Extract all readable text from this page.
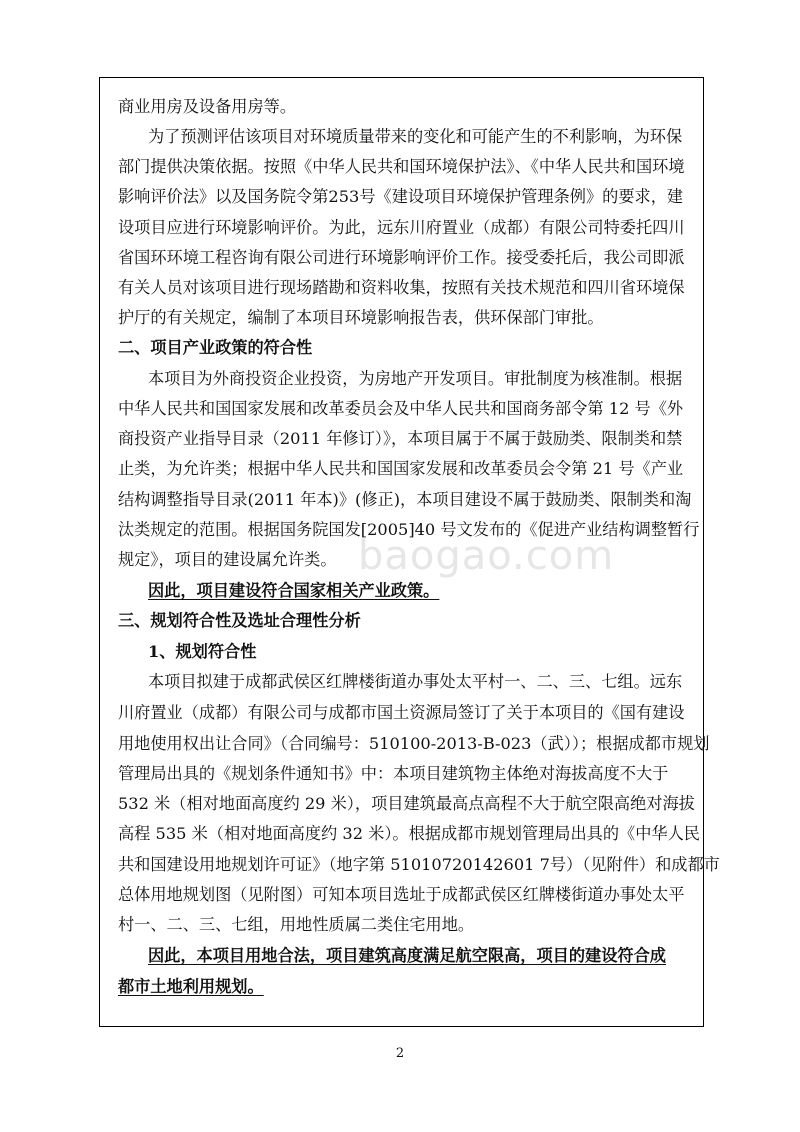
baogao.com
商业用房及设备用房等。
为了预测评估该项目对环境质量带来的变化和可能产生的不利影响，为环保
部门提供决策依据。按照《中华人民共和国环境保护法》、《中华人民共和国环境
影响评价法》以及国务院令第253号《建设项目环境保护管理条例》的要求，建
设项目应进行环境影响评价。为此，远东川府置业（成都）有限公司特委托四川
省国环环境工程咨询有限公司进行环境影响评价工作。接受委托后，我公司即派
有关人员对该项目进行现场踏勘和资料收集，按照有关技术规范和四川省环境保
护厅的有关规定，编制了本项目环境影响报告表，供环保部门审批。
二、项目产业政策的符合性
本项目为外商投资企业投资，为房地产开发项目。审批制度为核准制。根据
中华人民共和国国家发展和改革委员会及中华人民共和国商务部令第 12 号《外
商投资产业指导目录（2011 年修订）》，本项目属于不属于鼓励类、限制类和禁
止类，为允许类；根据中华人民共和国国家发展和改革委员会令第 21 号《产业
结构调整指导目录(2011 年本)》(修正)，本项目建设不属于鼓励类、限制类和淘
汰类规定的范围。根据国务院国发[2005]40 号文发布的《促进产业结构调整暂行
规定》，项目的建设属允许类。
因此，项目建设符合国家相关产业政策。
三、规划符合性及选址合理性分析
1、规划符合性
本项目拟建于成都武侯区红牌楼街道办事处太平村一、二、三、七组。远东
川府置业（成都）有限公司与成都市国土资源局签订了关于本项目的《国有建设
用地使用权出让合同》（合同编号：510100-2013-B-023（武））；根据成都市规划
管理局出具的《规划条件通知书》中：本项目建筑物主体绝对海拔高度不大于
532 米（相对地面高度约 29 米），项目建筑最高点高程不大于航空限高绝对海拔
高程 535 米（相对地面高度约 32 米）。根据成都市规划管理局出具的《中华人民
共和国建设用地规划许可证》（地字第 51010720142601 7号）（见附件）和成都市
总体用地规划图（见附图）可知本项目选址于成都武侯区红牌楼街道办事处太平
村一、二、三、七组，用地性质属二类住宅用地。
因此，本项目用地合法，项目建筑高度满足航空限高，项目的建设符合成
都市土地利用规划。
2
